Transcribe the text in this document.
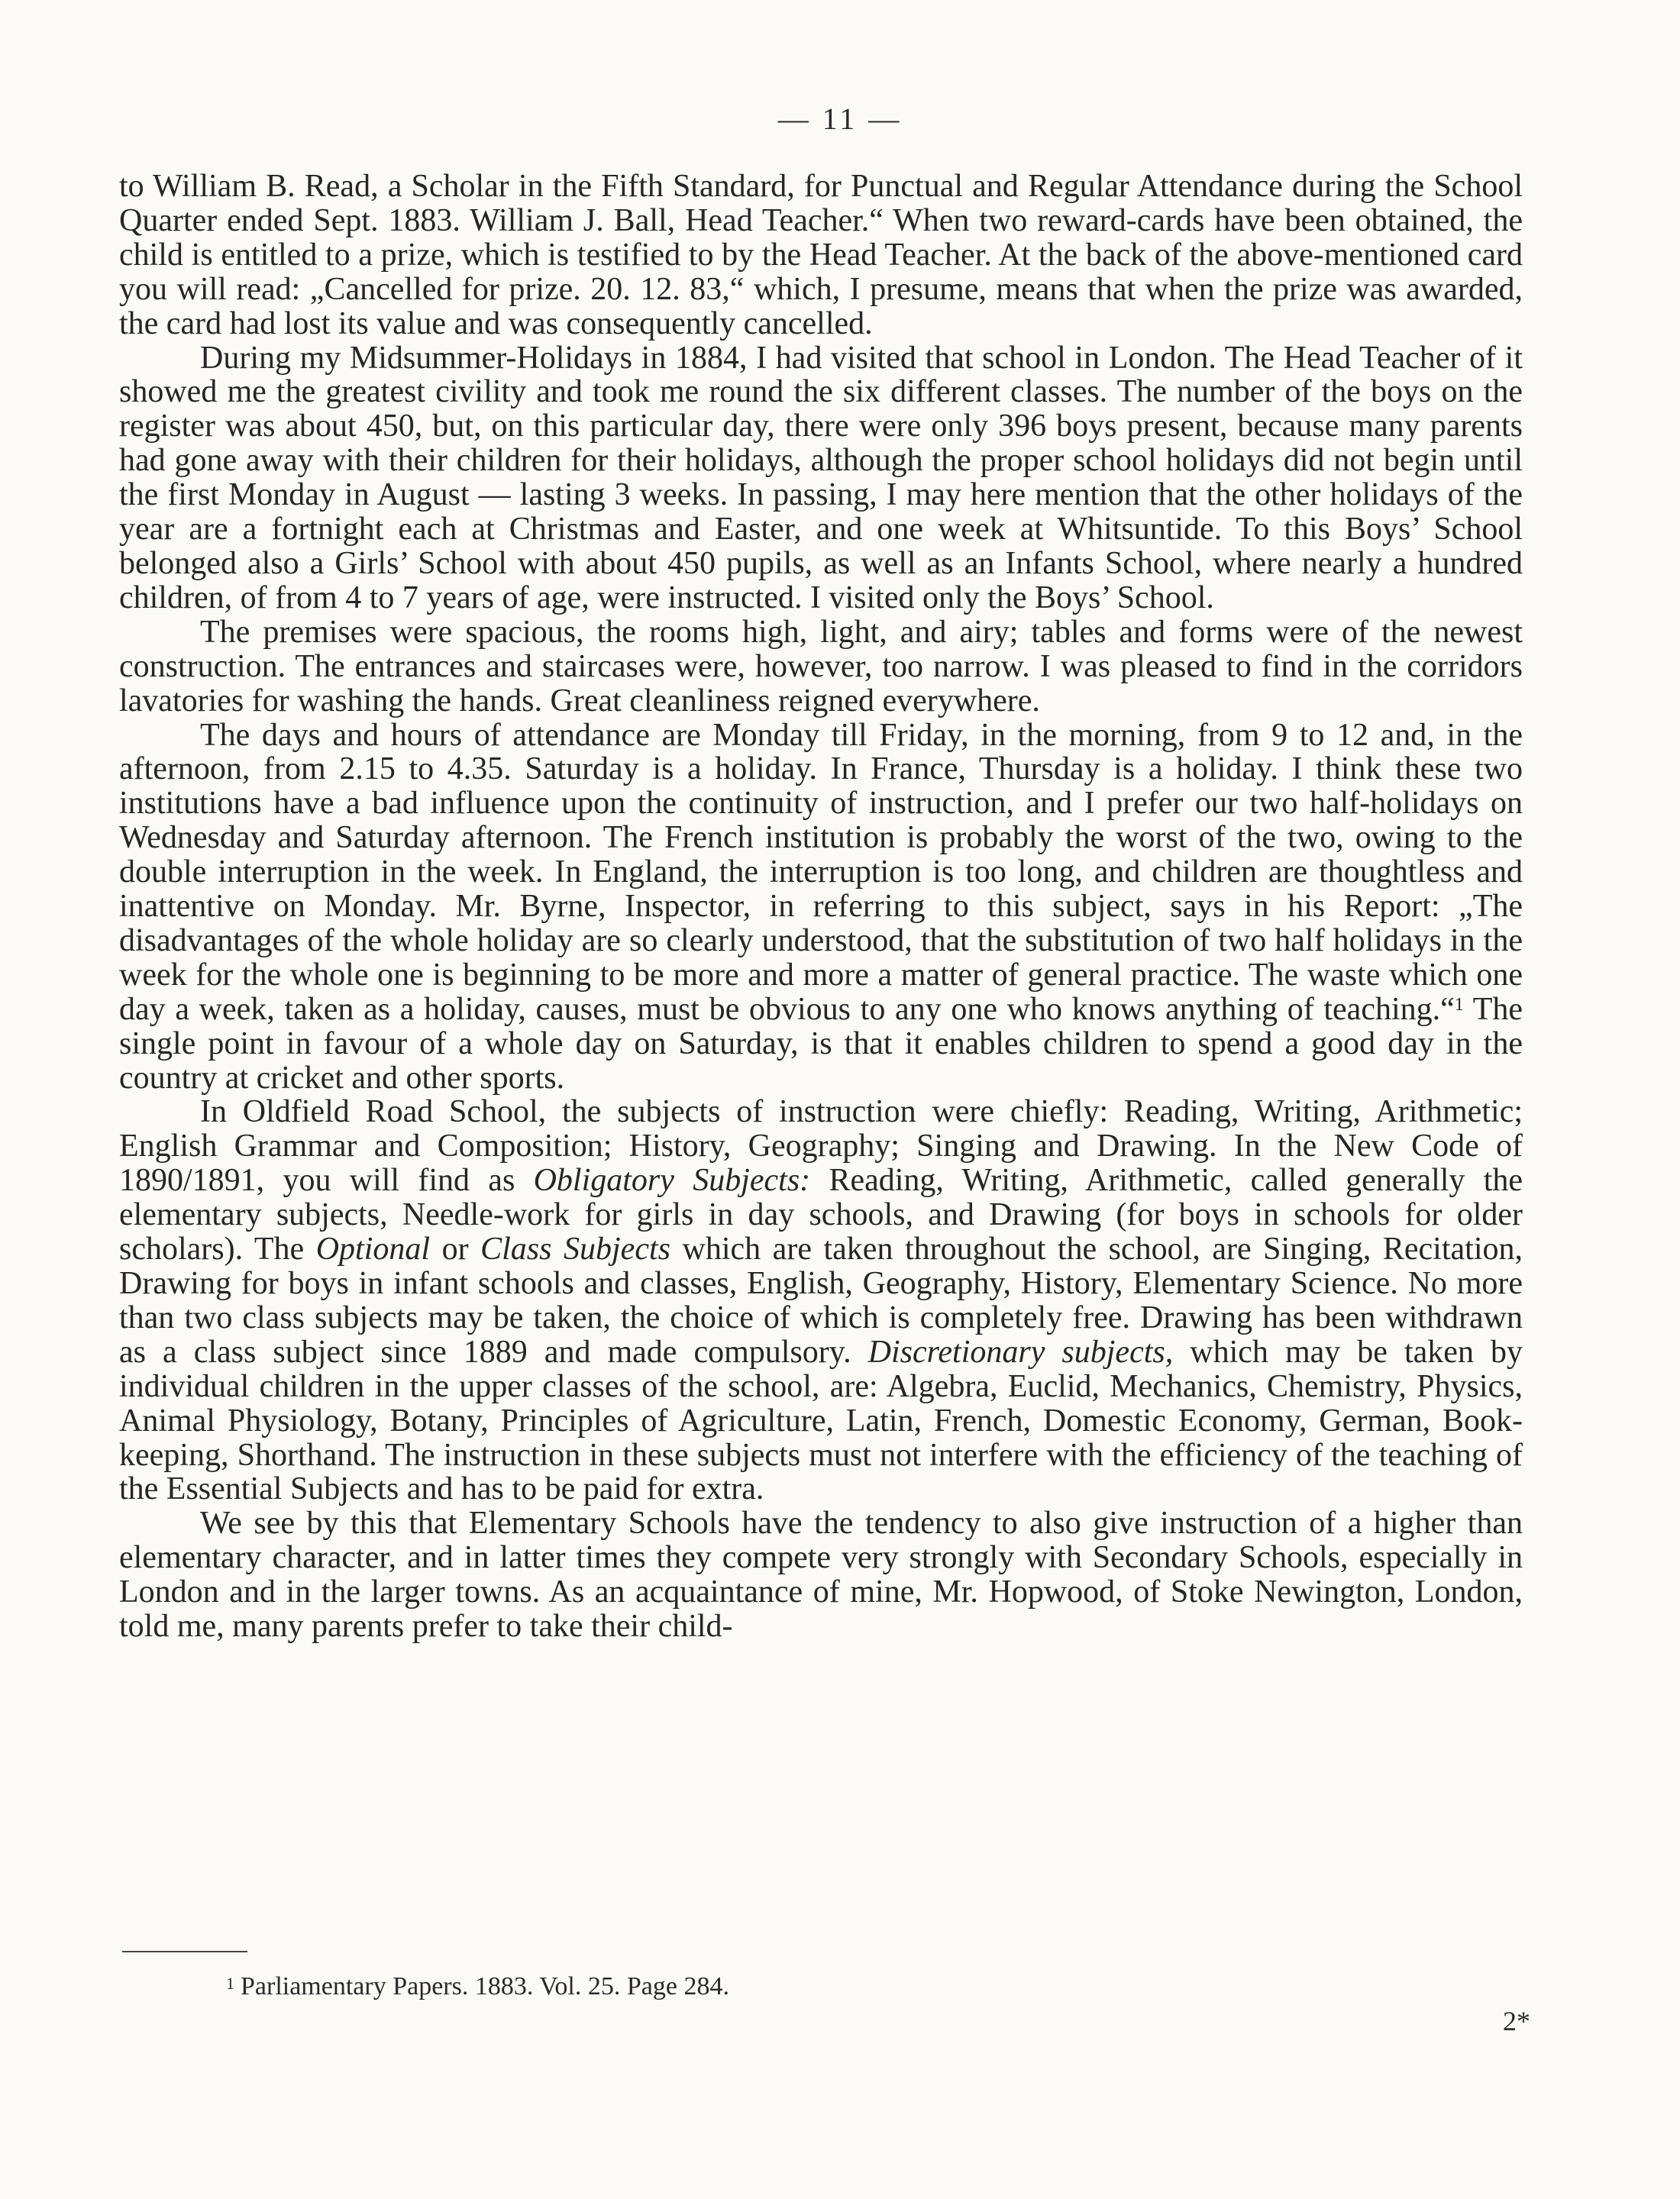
— 11 —

to William B. Read, a Scholar in the Fifth Standard, for Punctual and Regular Attendance during the School Quarter ended Sept. 1883. William J. Ball, Head Teacher.“ When two reward-cards have been obtained, the child is entitled to a prize, which is testified to by the Head Teacher. At the back of the above-mentioned card you will read: „Cancelled for prize. 20. 12. 83,“ which, I presume, means that when the prize was awarded, the card had lost its value and was consequently cancelled.

During my Midsummer-Holidays in 1884, I had visited that school in London. The Head Teacher of it showed me the greatest civility and took me round the six different classes. The number of the boys on the register was about 450, but, on this particular day, there were only 396 boys present, because many parents had gone away with their children for their holidays, although the proper school holidays did not begin until the first Monday in August — lasting 3 weeks. In passing, I may here mention that the other holidays of the year are a fortnight each at Christmas and Easter, and one week at Whitsuntide. To this Boys’ School belonged also a Girls’ School with about 450 pupils, as well as an Infants School, where nearly a hundred children, of from 4 to 7 years of age, were instructed. I visited only the Boys’ School.

The premises were spacious, the rooms high, light, and airy; tables and forms were of the newest construction. The entrances and staircases were, however, too narrow. I was pleased to find in the corridors lavatories for washing the hands. Great cleanliness reigned everywhere.

The days and hours of attendance are Monday till Friday, in the morning, from 9 to 12 and, in the afternoon, from 2.15 to 4.35. Saturday is a holiday. In France, Thursday is a holiday. I think these two institutions have a bad influence upon the continuity of instruction, and I prefer our two half-holidays on Wednesday and Saturday afternoon. The French institution is probably the worst of the two, owing to the double interruption in the week. In England, the interruption is too long, and children are thoughtless and inattentive on Monday. Mr. Byrne, Inspector, in referring to this subject, says in his Report: „The disadvantages of the whole holiday are so clearly understood, that the substitution of two half holidays in the week for the whole one is beginning to be more and more a matter of general practice. The waste which one day a week, taken as a holiday, causes, must be obvious to any one who knows anything of teaching.“$^1$ The single point in favour of a whole day on Saturday, is that it enables children to spend a good day in the country at cricket and other sports.

In Oldfield Road School, the subjects of instruction were chiefly: Reading, Writing, Arithmetic; English Grammar and Composition; History, Geography; Singing and Drawing. In the New Code of 1890/1891, you will find as Obligatory Subjects: Reading, Writing, Arithmetic, called generally the elementary subjects, Needle-work for girls in day schools, and Drawing (for boys in schools for older scholars). The Optional or Class Subjects which are taken throughout the school, are Singing, Recitation, Drawing for boys in infant schools and classes, English, Geography, History, Elementary Science. No more than two class subjects may be taken, the choice of which is completely free. Drawing has been withdrawn as a class subject since 1889 and made compulsory. Discretionary subjects, which may be taken by individual children in the upper classes of the school, are: Algebra, Euclid, Mechanics, Chemistry, Physics, Animal Physiology, Botany, Principles of Agriculture, Latin, French, Domestic Economy, German, Book-keeping, Shorthand. The instruction in these subjects must not interfere with the efficiency of the teaching of the Essential Subjects and has to be paid for extra.

We see by this that Elementary Schools have the tendency to also give instruction of a higher than elementary character, and in latter times they compete very strongly with Secondary Schools, especially in London and in the larger towns. As an acquaintance of mine, Mr. Hopwood, of Stoke Newington, London, told me, many parents prefer to take their child-

$^1$ Parliamentary Papers. 1883. Vol. 25. Page 284.
2*
